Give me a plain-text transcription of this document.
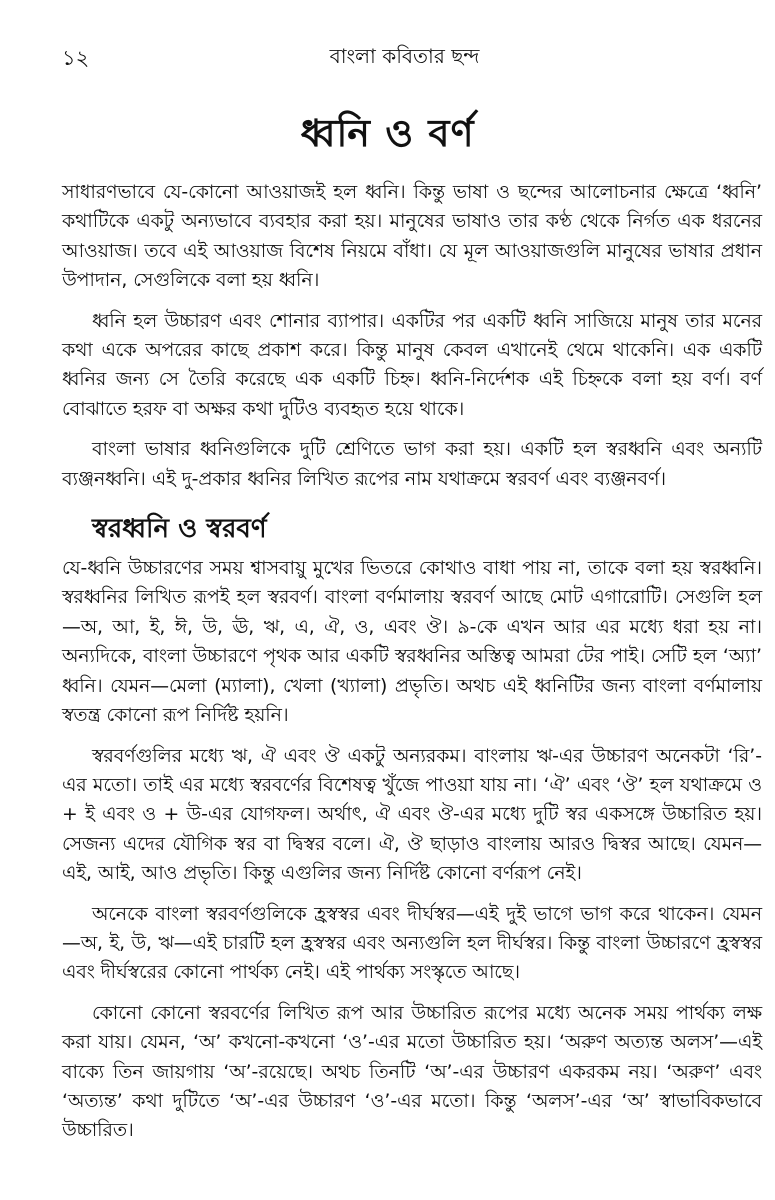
১২	বাংলা কবিতার ছন্দ
ধ্বনি ও বর্ণ

সাধারণভাবে যে-কোনো আওয়াজই হল ধ্বনি। কিন্তু ভাষা ও ছন্দের আলোচনার ক্ষেত্রে ‘ধ্বনি’ কথাটিকে একটু অন্যভাবে ব্যবহার করা হয়। মানুষের ভাষাও তার কণ্ঠ থেকে নির্গত এক ধরনের আওয়াজ। তবে এই আওয়াজ বিশেষ নিয়মে বাঁধা। যে মূল আওয়াজগুলি মানুষের ভাষার প্রধান উপাদান, সেগুলিকে বলা হয় ধ্বনি।

ধ্বনি হল উচ্চারণ এবং শোনার ব্যাপার। একটির পর একটি ধ্বনি সাজিয়ে মানুষ তার মনের কথা একে অপরের কাছে প্রকাশ করে। কিন্তু মানুষ কেবল এখানেই থেমে থাকেনি। এক একটি ধ্বনির জন্য সে তৈরি করেছে এক একটি চিহ্ন। ধ্বনি-নির্দেশক এই চিহ্নকে বলা হয় বর্ণ। বর্ণ বোঝাতে হরফ বা অক্ষর কথা দুটিও ব্যবহৃত হয়ে থাকে।

বাংলা ভাষার ধ্বনিগুলিকে দুটি শ্রেণিতে ভাগ করা হয়। একটি হল স্বরধ্বনি এবং অন্যটি ব্যঞ্জনধ্বনি। এই দু-প্রকার ধ্বনির লিখিত রূপের নাম যথাক্রমে স্বরবর্ণ এবং ব্যঞ্জনবর্ণ।

স্বরধ্বনি ও স্বরবর্ণ

যে-ধ্বনি উচ্চারণের সময় শ্বাসবায়ু মুখের ভিতরে কোথাও বাধা পায় না, তাকে বলা হয় স্বরধ্বনি। স্বরধ্বনির লিখিত রূপই হল স্বরবর্ণ। বাংলা বর্ণমালায় স্বরবর্ণ আছে মোট এগারোটি। সেগুলি হল—অ, আ, ই, ঈ, উ, ঊ, ঋ, এ, ঐ, ও, এবং ঔ। ৯-কে এখন আর এর মধ্যে ধরা হয় না। অন্যদিকে, বাংলা উচ্চারণে পৃথক আর একটি স্বরধ্বনির অস্তিত্ব আমরা টের পাই। সেটি হল ‘অ্যা’ ধ্বনি। যেমন—মেলা (ম্যালা), খেলা (খ্যালা) প্রভৃতি। অথচ এই ধ্বনিটির জন্য বাংলা বর্ণমালায় স্বতন্ত্র কোনো রূপ নির্দিষ্ট হয়নি।

স্বরবর্ণগুলির মধ্যে ঋ, ঐ এবং ঔ একটু অন্যরকম। বাংলায় ঋ-এর উচ্চারণ অনেকটা ‘রি’-এর মতো। তাই এর মধ্যে স্বরবর্ণের বিশেষত্ব খুঁজে পাওয়া যায় না। ‘ঐ’ এবং ‘ঔ’ হল যথাক্রমে ও + ই এবং ও + উ-এর যোগফল। অর্থাৎ, ঐ এবং ঔ-এর মধ্যে দুটি স্বর একসঙ্গে উচ্চারিত হয়। সেজন্য এদের যৌগিক স্বর বা দ্বিস্বর বলে। ঐ, ঔ ছাড়াও বাংলায় আরও দ্বিস্বর আছে। যেমন—এই, আই, আও প্রভৃতি। কিন্তু এগুলির জন্য নির্দিষ্ট কোনো বর্ণরূপ নেই।

অনেকে বাংলা স্বরবর্ণগুলিকে হ্রস্বস্বর এবং দীর্ঘস্বর—এই দুই ভাগে ভাগ করে থাকেন। যেমন—অ, ই, উ, ঋ—এই চারটি হল হ্রস্বস্বর এবং অন্যগুলি হল দীর্ঘস্বর। কিন্তু বাংলা উচ্চারণে হ্রস্বস্বর এবং দীর্ঘস্বরের কোনো পার্থক্য নেই। এই পার্থক্য সংস্কৃতে আছে।

কোনো কোনো স্বরবর্ণের লিখিত রূপ আর উচ্চারিত রূপের মধ্যে অনেক সময় পার্থক্য লক্ষ করা যায়। যেমন, ‘অ’ কখনো-কখনো ‘ও’-এর মতো উচ্চারিত হয়। ‘অরুণ অত্যন্ত অলস’—এই বাক্যে তিন জায়গায় ‘অ’-রয়েছে। অথচ তিনটি ‘অ’-এর উচ্চারণ একরকম নয়। ‘অরুণ’ এবং ‘অত্যন্ত’ কথা দুটিতে ‘অ’-এর উচ্চারণ ‘ও’-এর মতো। কিন্তু ‘অলস’-এর ‘অ’ স্বাভাবিকভাবে উচ্চারিত।
